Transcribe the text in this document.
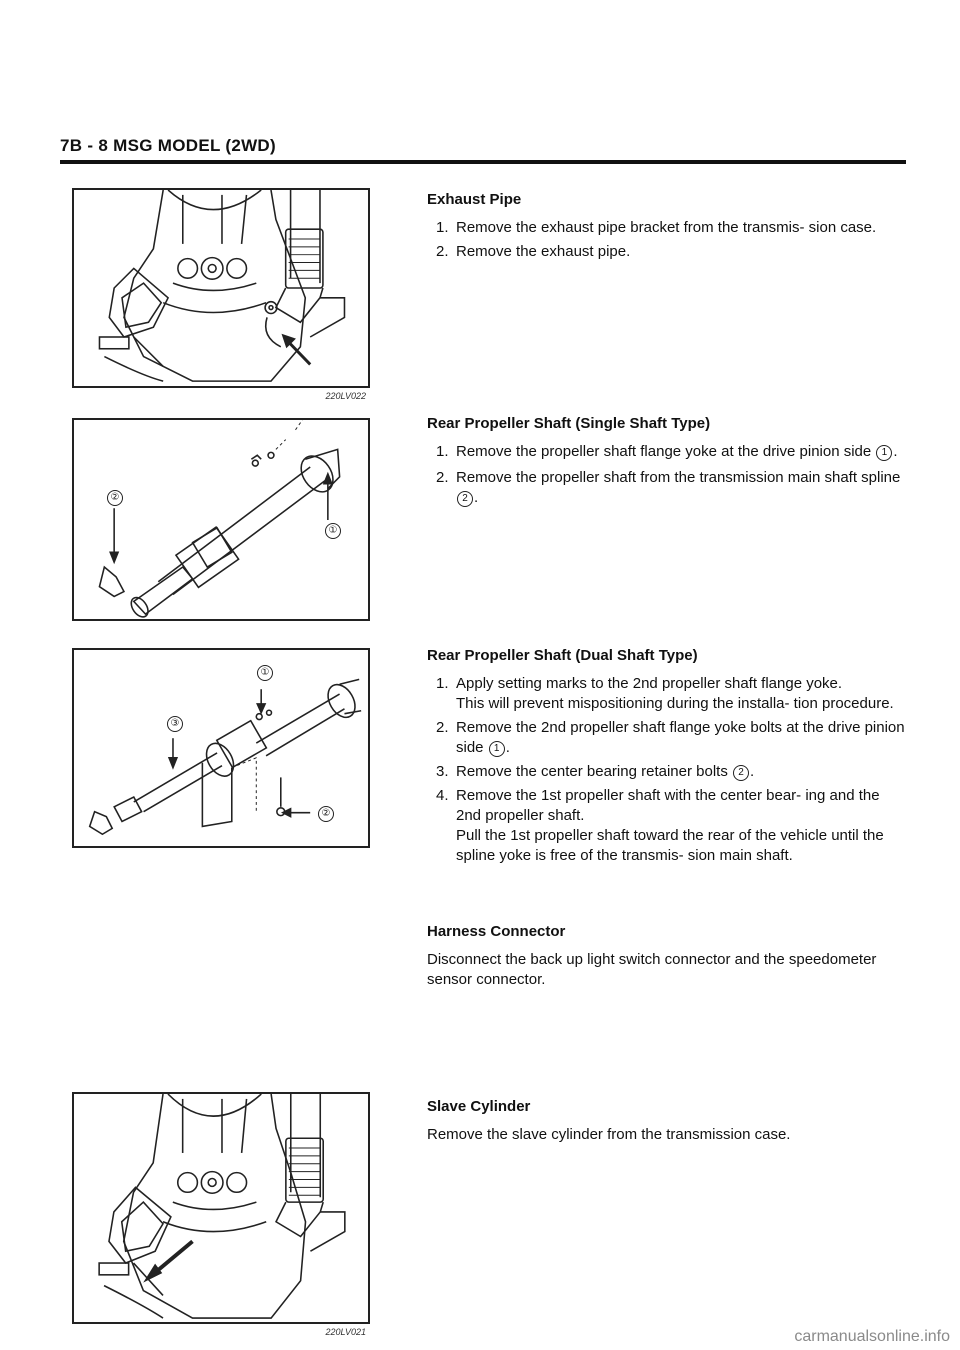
7B - 8 MSG MODEL (2WD)
220LV022
②
①
①
③
②
220LV021
Exhaust Pipe
1. Remove the exhaust pipe bracket from the transmis- sion case.
2. Remove the exhaust pipe.
Rear Propeller Shaft (Single Shaft Type)
1. Remove the propeller shaft flange yoke at the drive pinion side 1 .
2. Remove the propeller shaft from the transmission main shaft spline 2 .
Rear Propeller Shaft (Dual Shaft Type)
1. Apply setting marks to the 2nd propeller shaft flange yoke.
This will prevent mispositioning during the installa- tion procedure.
2. Remove the 2nd propeller shaft flange yoke bolts at the drive pinion side 1 .
3. Remove the center bearing retainer bolts 2 .
4. Remove the 1st propeller shaft with the center bear- ing and the 2nd propeller shaft.
Pull the 1st propeller shaft toward the rear of the vehicle until the spline yoke is free of the transmis- sion main shaft.
Harness Connector

Disconnect the back up light switch connector and the speedometer sensor connector.

Slave Cylinder

Remove the slave cylinder from the transmission case.

carmanualsonline.info
